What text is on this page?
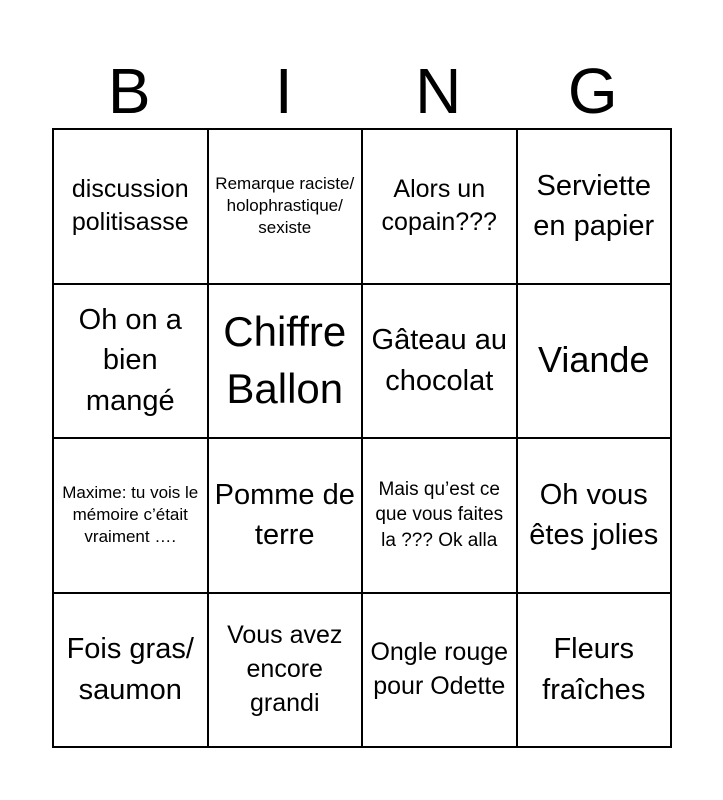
B	I	N	G
discussion politisasse
Remarque raciste/ holophrastique/ sexiste
Alors un copain???
Serviette en papier
Oh on a bien mangé
Chiffre Ballon
Gâteau au chocolat
Viande
Maxime: tu vois le mémoire c’était vraiment ….
Pomme de terre
Mais qu’est ce que vous faites la ??? Ok alla
Oh vous êtes jolies
Fois gras/ saumon
Vous avez encore grandi
Ongle rouge pour Odette
Fleurs fraîches
